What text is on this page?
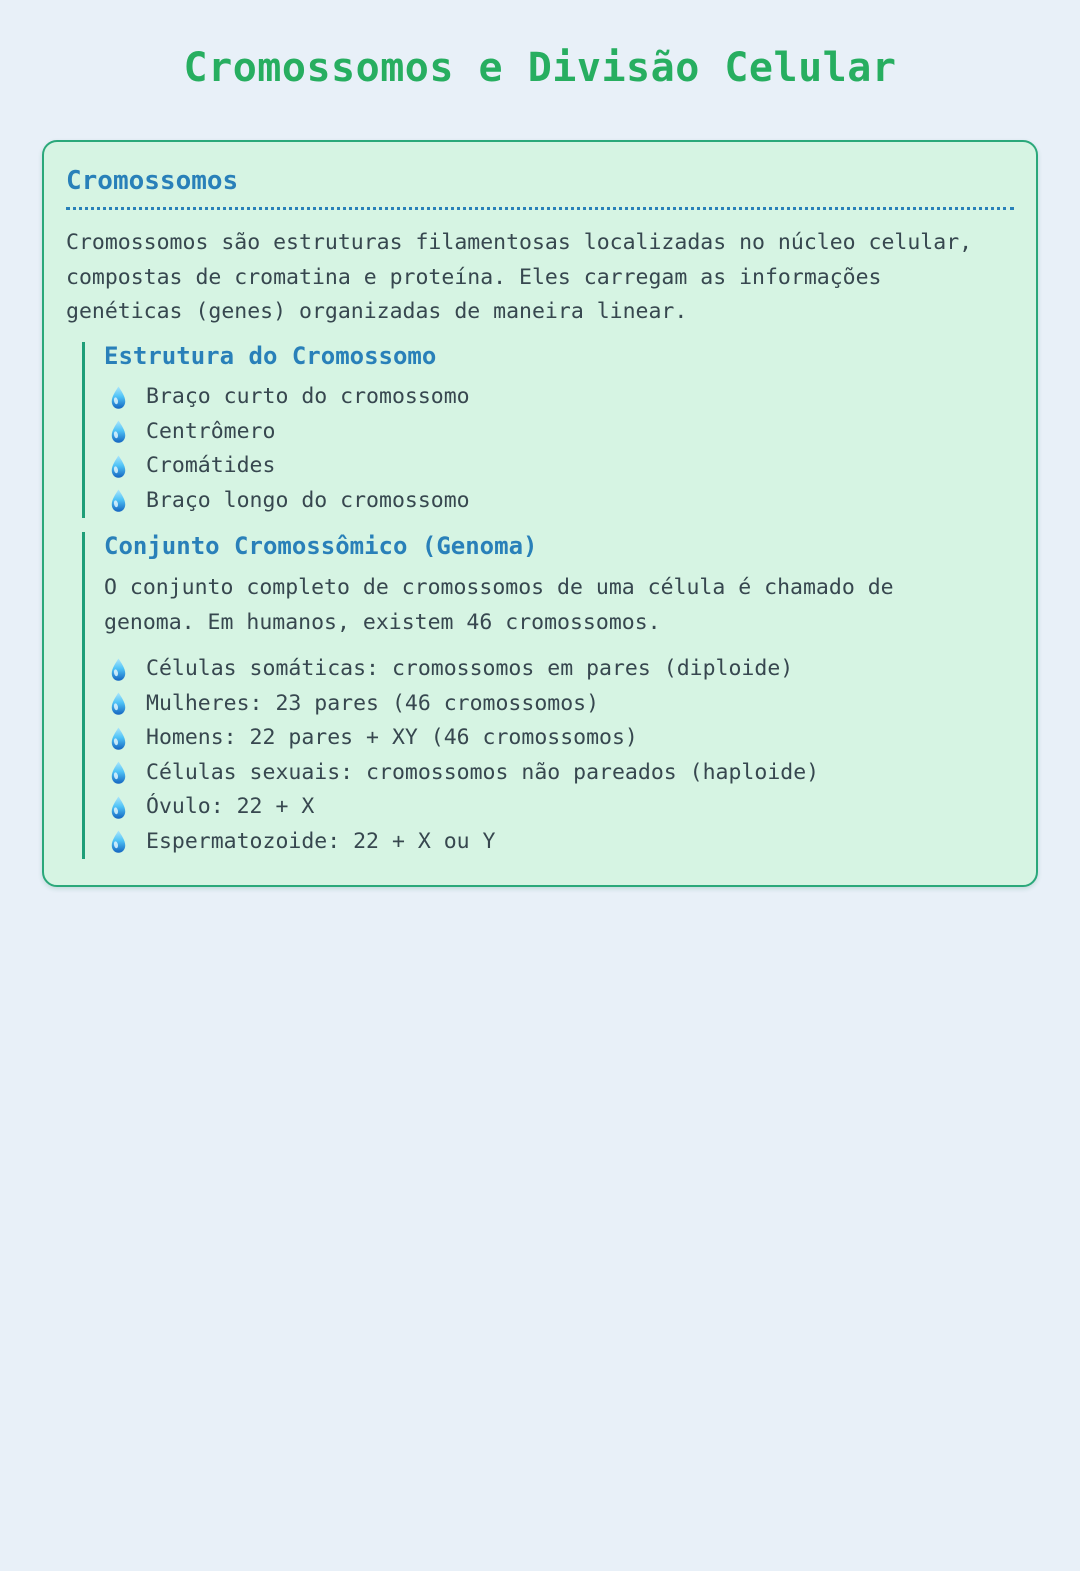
Cromossomos e Divisão Celular
Cromossomos
Cromossomos são estruturas filamentosas localizadas no núcleo celular,
compostas de cromatina e proteína. Eles carregam as informações
genéticas (genes) organizadas de maneira linear.
Estrutura do Cromossomo
Braço curto do cromossomo
Centrômero
Cromátides
Braço longo do cromossomo
Conjunto Cromossômico (Genoma)
O conjunto completo de cromossomos de uma célula é chamado de
genoma. Em humanos, existem 46 cromossomos.
Células somáticas: cromossomos em pares (diploide)
Mulheres: 23 pares (46 cromossomos)
Homens: 22 pares + XY (46 cromossomos)
Células sexuais: cromossomos não pareados (haploide)
Óvulo: 22 + X
Espermatozoide: 22 + X ou Y
